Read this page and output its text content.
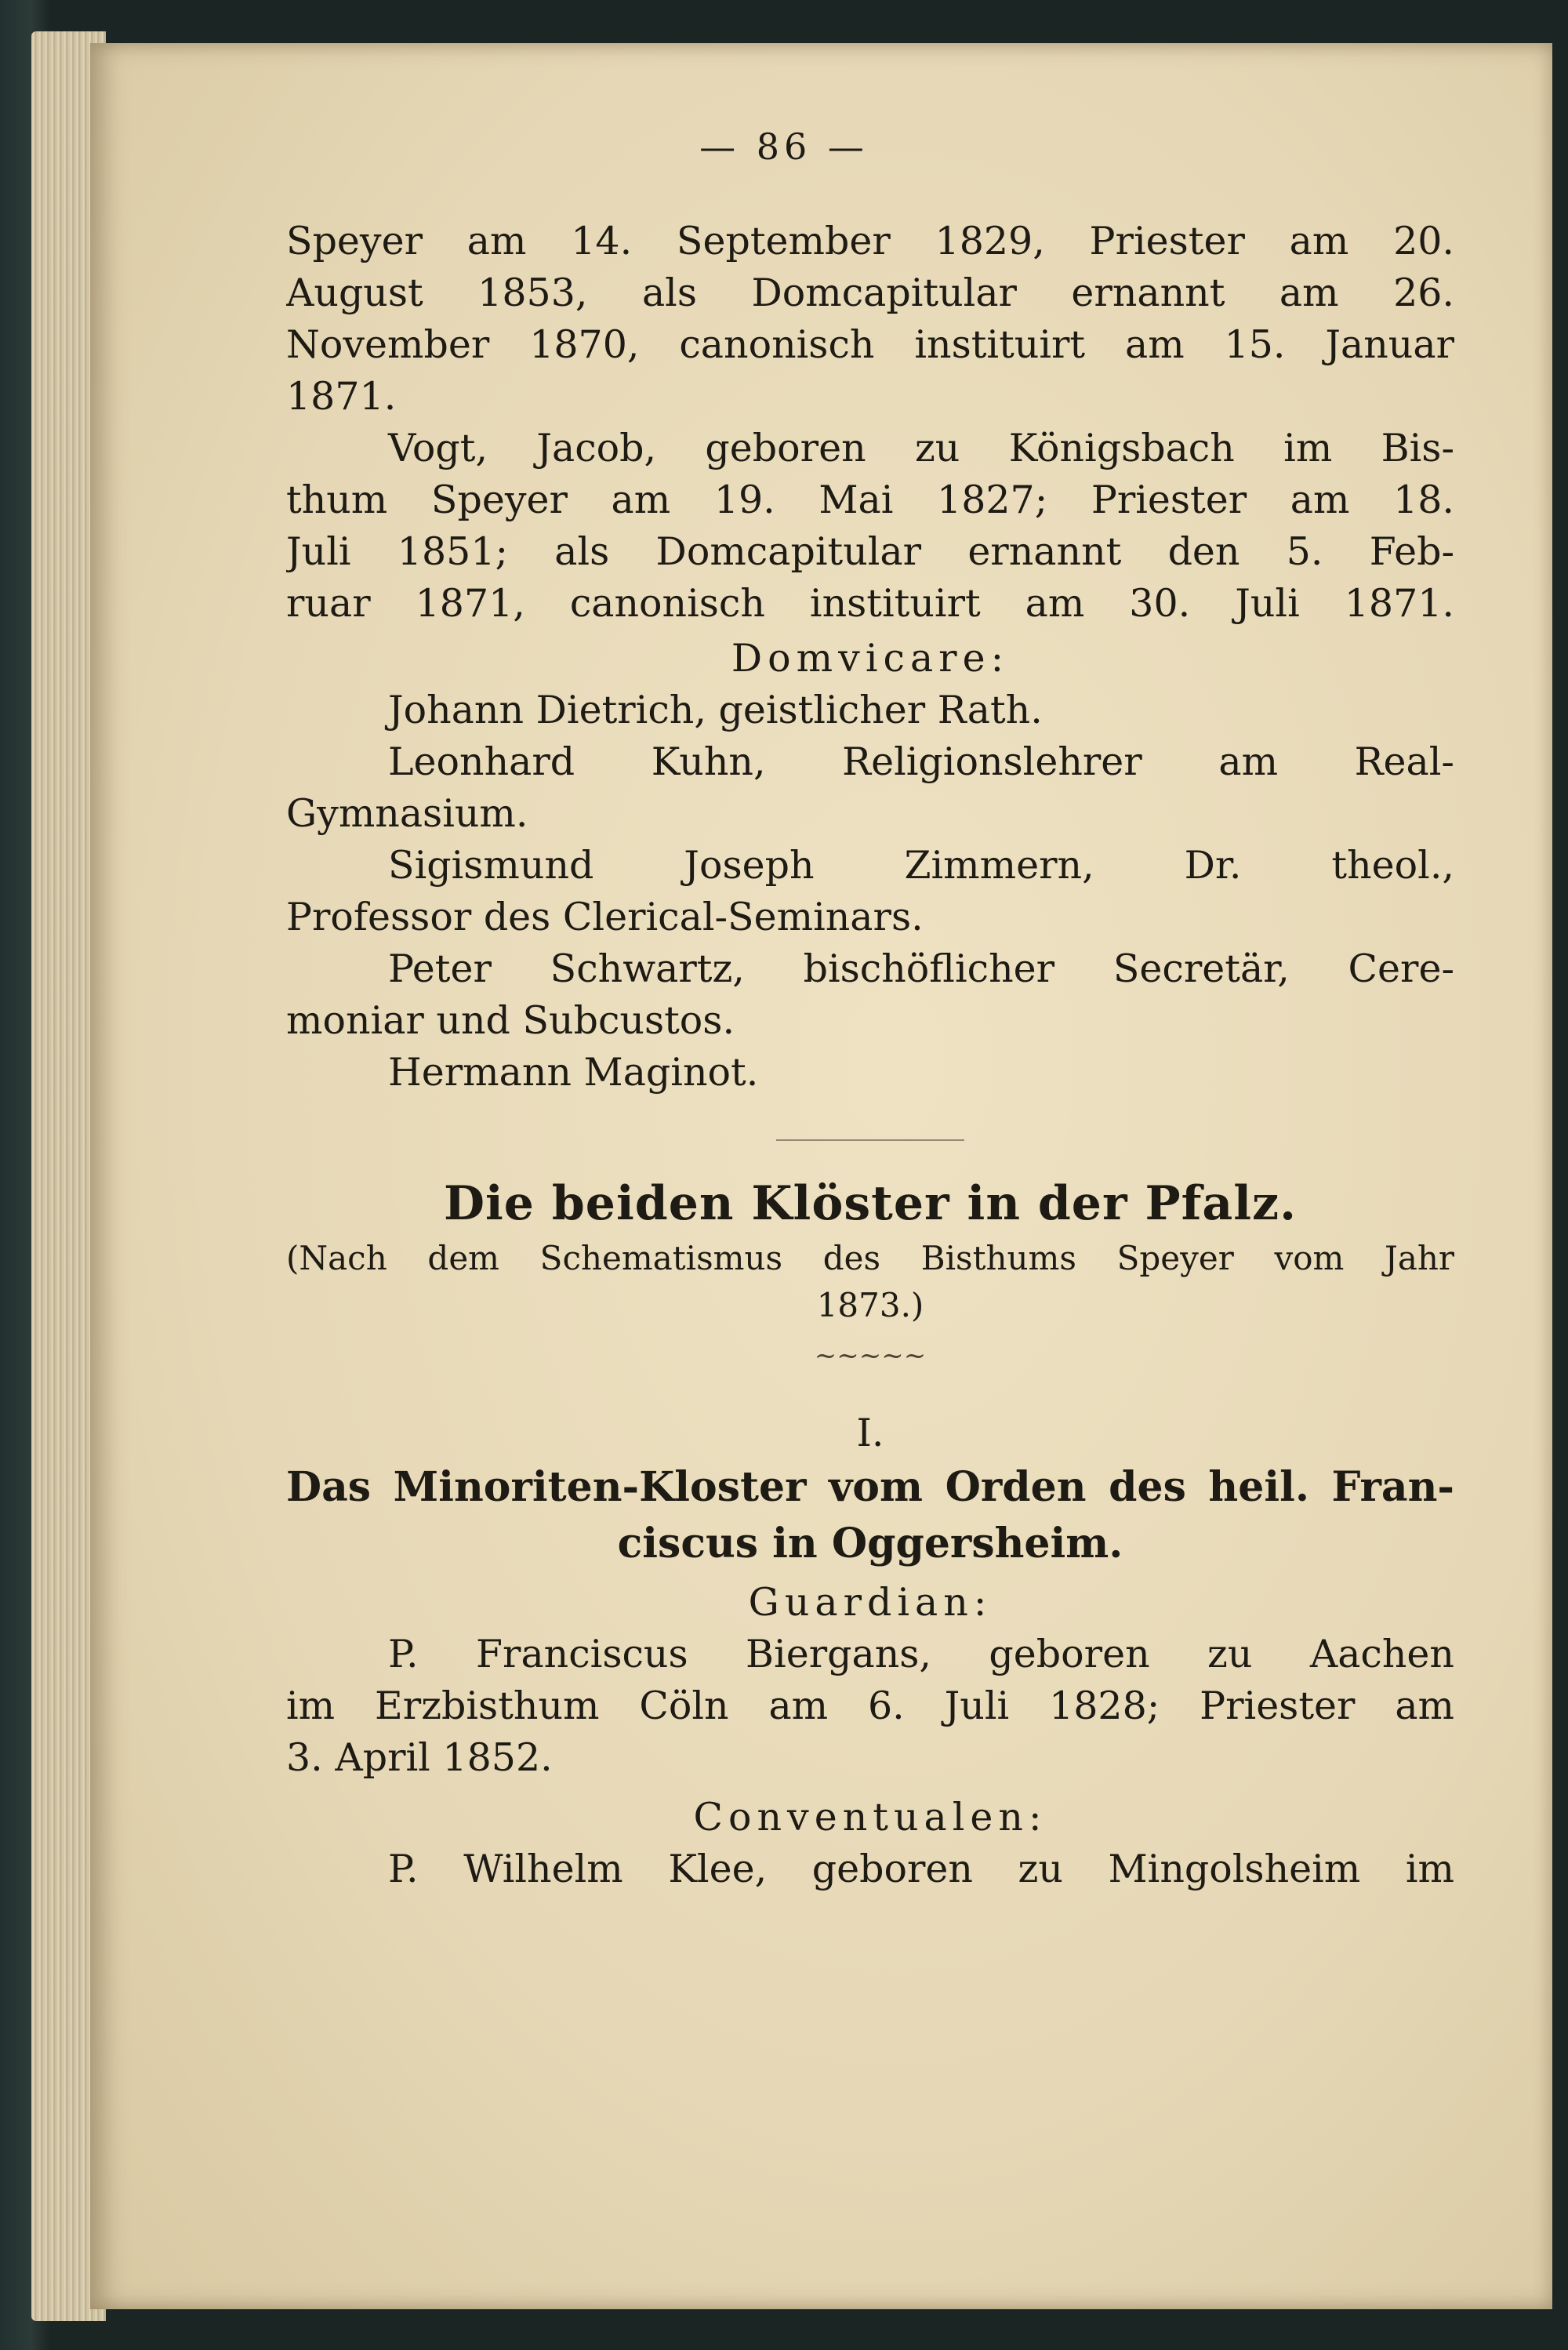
— 86 —
Speyer am 14. September 1829, Priester am 20.
August 1853, als Domcapitular ernannt am 26.
November 1870, canonisch instituirt am 15. Januar
1871.
Vogt, Jacob, geboren zu Königsbach im Bis-
thum Speyer am 19. Mai 1827; Priester am 18.
Juli 1851; als Domcapitular ernannt den 5. Feb-
ruar 1871, canonisch instituirt am 30. Juli 1871.
Domvicare:
Johann Dietrich, geistlicher Rath.
Leonhard Kuhn, Religionslehrer am Real-
Gymnasium.
Sigismund Joseph Zimmern, Dr. theol.,
Professor des Clerical-Seminars.
Peter Schwartz, bischöflicher Secretär, Cere-
moniar und Subcustos.
Hermann Maginot.
Die beiden Klöster in der Pfalz.
(Nach dem Schematismus des Bisthums Speyer vom Jahr
1873.)
~~~~~
I.
Das Minoriten-Kloster vom Orden des heil. Fran-
ciscus in Oggersheim.
Guardian:
P. Franciscus Biergans, geboren zu Aachen
im Erzbisthum Cöln am 6. Juli 1828; Priester am
3. April 1852.
Conventualen:
P. Wilhelm Klee, geboren zu Mingolsheim im
